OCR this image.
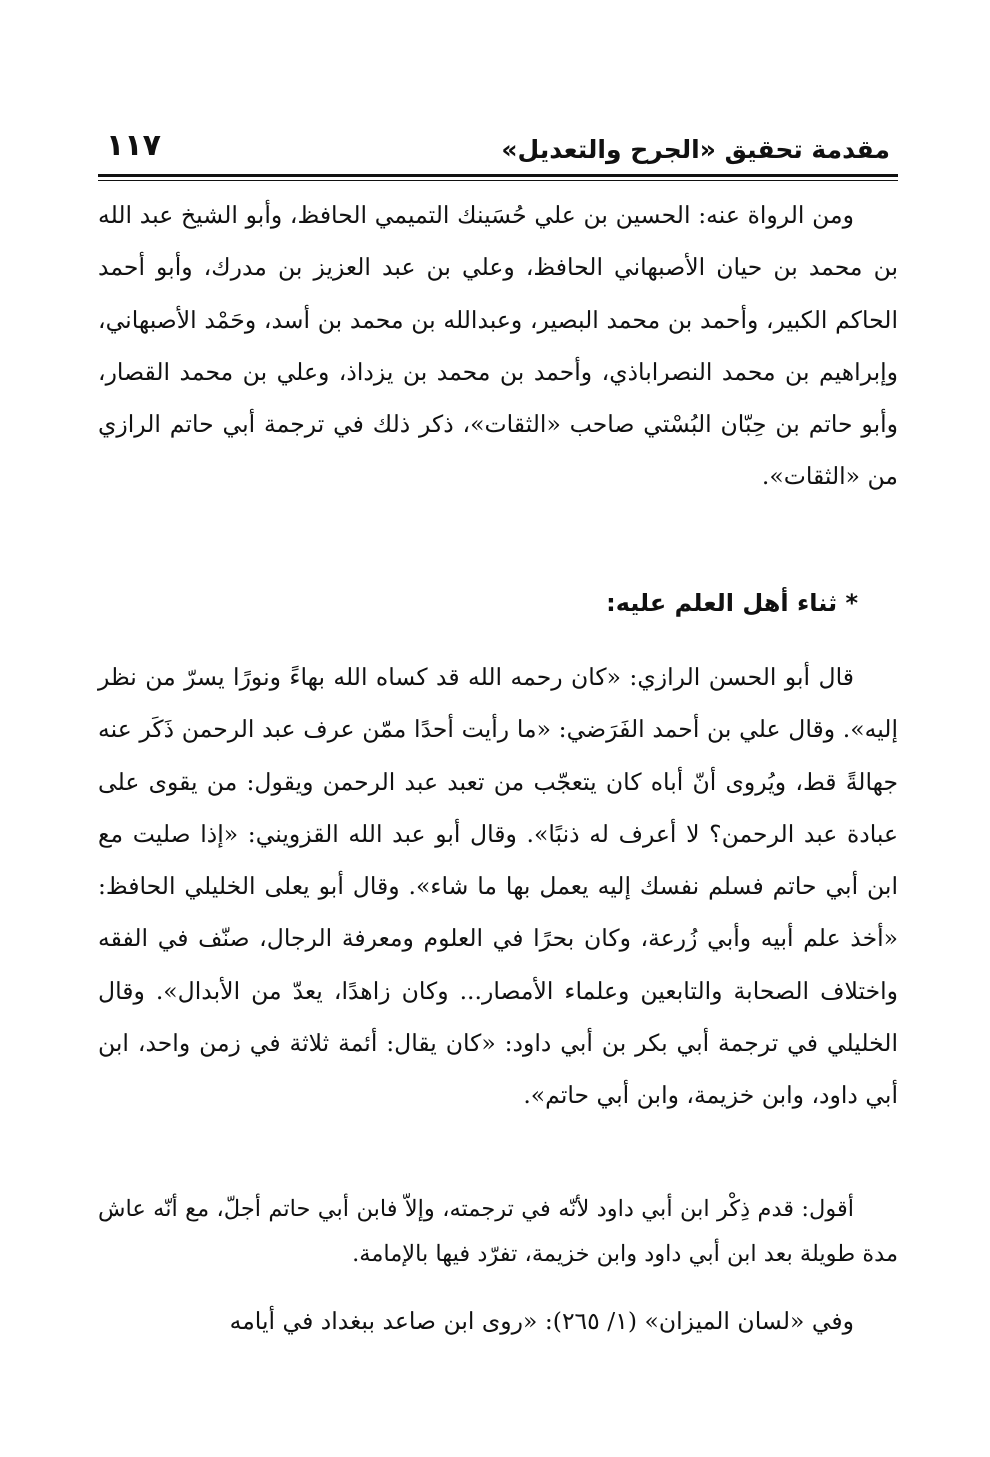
مقدمة تحقيق «الجرح والتعديل»
١١٧

ومن الرواة عنه: الحسين بن علي حُسَينك التميمي الحافظ، وأبو الشيخ عبد الله بن محمد بن حيان الأصبهاني الحافظ، وعلي بن عبد العزيز بن مدرك، وأبو أحمد الحاكم الكبير، وأحمد بن محمد البصير، وعبدالله بن محمد بن أسد، وحَمْد الأصبهاني، وإبراهيم بن محمد النصراباذي، وأحمد بن محمد بن يزداذ، وعلي بن محمد القصار، وأبو حاتم بن حِبّان البُسْتي صاحب «الثقات»، ذكر ذلك في ترجمة أبي حاتم الرازي من «الثقات».

* ثناء أهل العلم عليه:

قال أبو الحسن الرازي: «كان رحمه الله قد كساه الله بهاءً ونورًا يسرّ من نظر إليه». وقال علي بن أحمد الفَرَضي: «ما رأيت أحدًا ممّن عرف عبد الرحمن ذَكَر عنه جهالةً قط، ويُروى أنّ أباه كان يتعجّب من تعبد عبد الرحمن ويقول: من يقوى على عبادة عبد الرحمن؟ لا أعرف له ذنبًا». وقال أبو عبد الله القزويني: «إذا صليت مع ابن أبي حاتم فسلم نفسك إليه يعمل بها ما شاء». وقال أبو يعلى الخليلي الحافظ: «أخذ علم أبيه وأبي زُرعة، وكان بحرًا في العلوم ومعرفة الرجال، صنّف في الفقه واختلاف الصحابة والتابعين وعلماء الأمصار... وكان زاهدًا، يعدّ من الأبدال». وقال الخليلي في ترجمة أبي بكر بن أبي داود: «كان يقال: أئمة ثلاثة في زمن واحد، ابن أبي داود، وابن خزيمة، وابن أبي حاتم».

أقول: قدم ذِكْر ابن أبي داود لأنّه في ترجمته، وإلاّ فابن أبي حاتم أجلّ، مع أنّه عاش مدة طويلة بعد ابن أبي داود وابن خزيمة، تفرّد فيها بالإمامة.

وفي «لسان الميزان» (١/ ٢٦٥): «روى ابن صاعد ببغداد في أيامه
